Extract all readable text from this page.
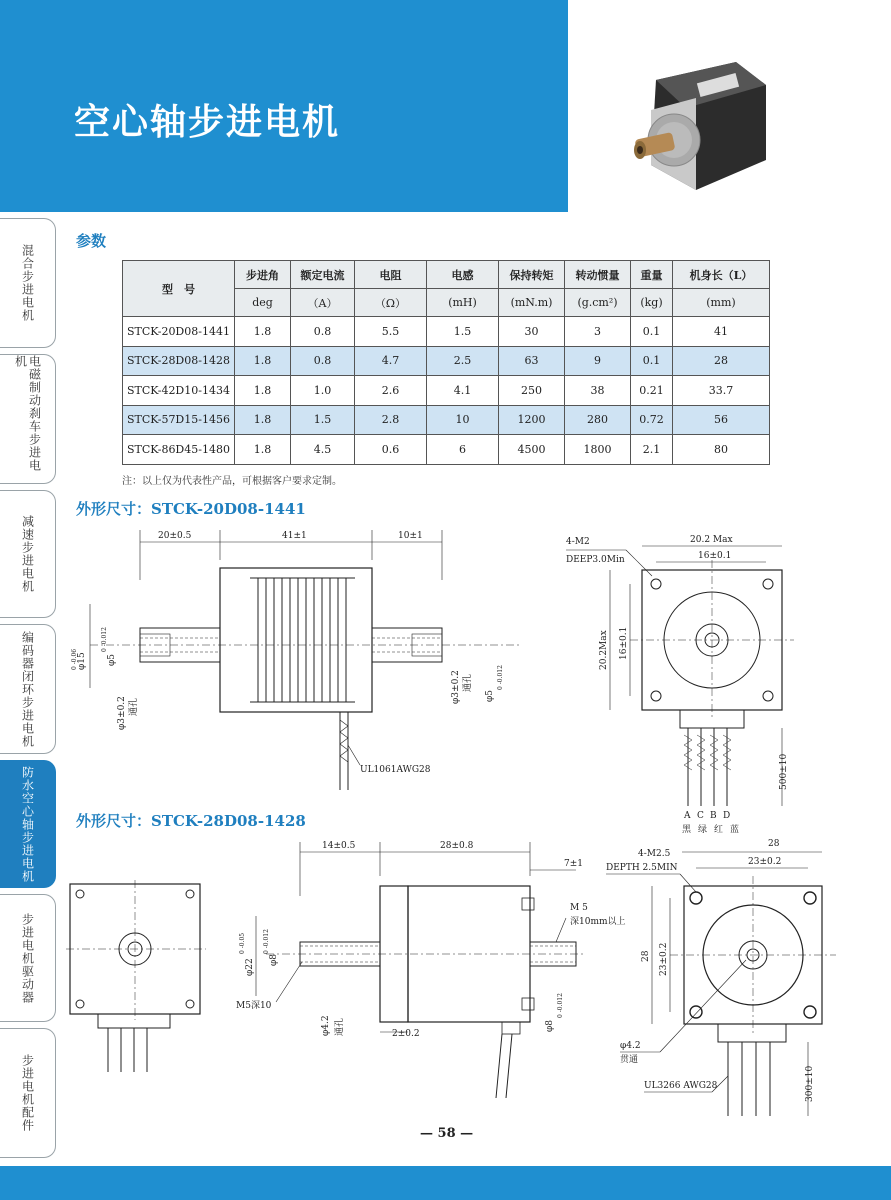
空心轴步进电机
混合步进电机
电磁制动刹车步进电机
减速步进电机
编码器闭环步进电机
防水空心轴步进电机
步进电机驱动器
步进电机配件
参数
型　号	步进角	额定电流	电阻	电感	保持转矩	转动惯量	重量	机身长（L）
	deg	（A）	（Ω）	(mH)	(mN.m)	(g.cm²)	(kg)	(mm)
STCK-20D08-1441	1.8	0.8	5.5	1.5	30	3	0.1	41
STCK-28D08-1428	1.8	0.8	4.7	2.5	63	9	0.1	28
STCK-42D10-1434	1.8	1.0	2.6	4.1	250	38	0.21	33.7
STCK-57D15-1456	1.8	1.5	2.8	10	1200	280	0.72	56
STCK-86D45-1480	1.8	4.5	0.6	6	4500	1800	2.1	80
注：以上仅为代表性产品，可根据客户要求定制。
外形尺寸：STCK-20D08-1441
20±0.5	41±1	10±1
φ15
0 -0.06	φ5
0 -0.012
φ3±0.2 通孔
φ3±0.2 通孔
φ5
0 -0.012
UL1061AWG28
4-M2
DEEP3.0Min
20.2 Max
16±0.1
20.2Max 16±0.1
500±10
A C B D
黑 绿 红 蓝
外形尺寸：STCK-28D08-1428
14±0.5	28±0.8
7±1
M 5
深10mm以上
φ22
0 -0.05
φ8
0 -0.012
M5深10
φ4.2 通孔	2±0.2
φ8
0 -0.012
4-M2.5
DEPTH 2.5MIN
28
23±0.2
28 23±0.2
φ4.2
贯通
UL3266 AWG28	300±10
— 58 —
